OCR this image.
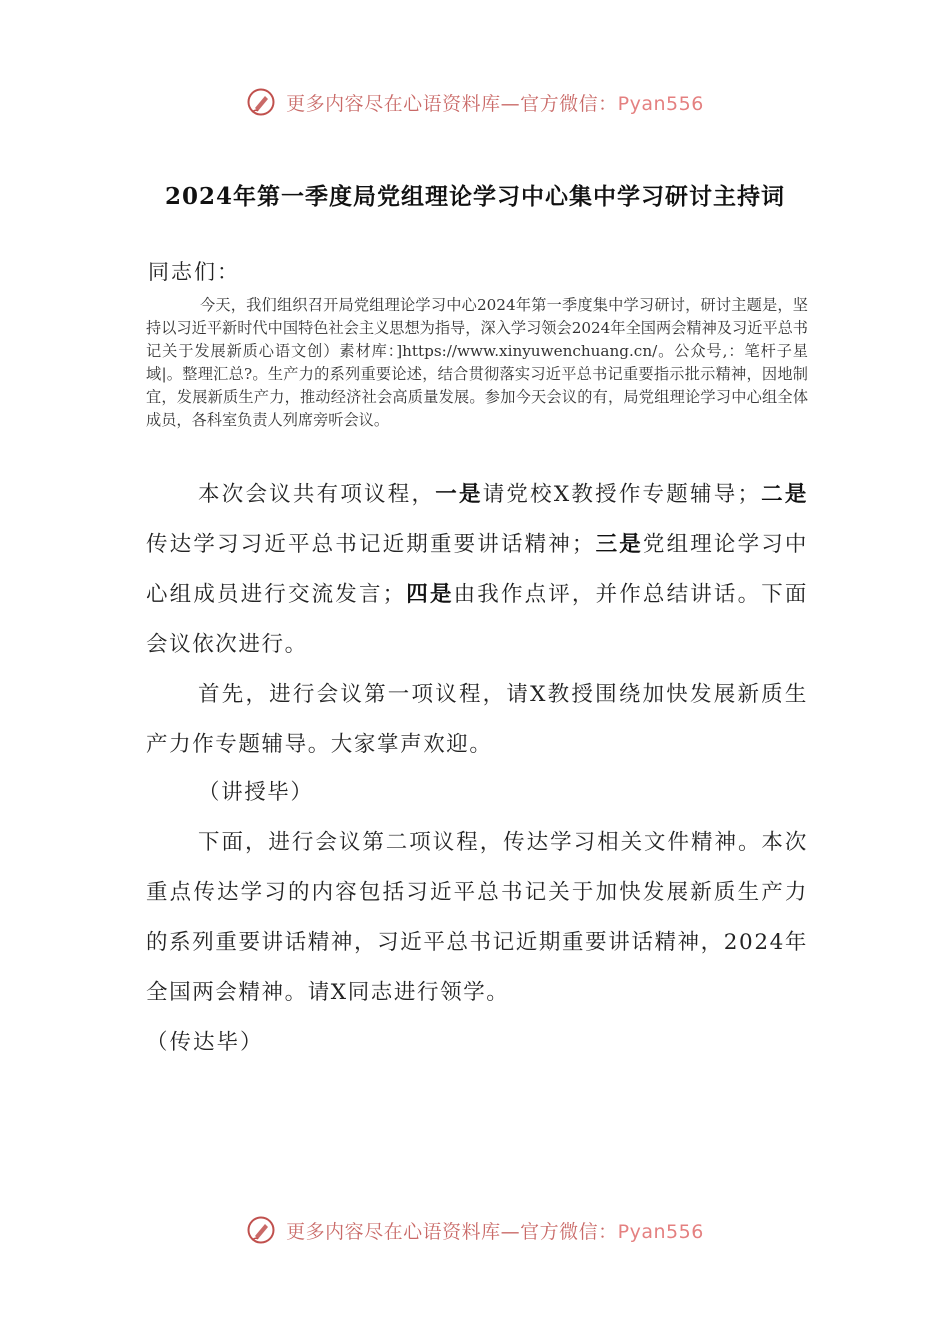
更多内容尽在心语资料库—官方微信：Pyan556
2024年第一季度局党组理论学习中心集中学习研讨主持词
同志们：
今天，我们组织召开局党组理论学习中心2024年第一季度集中学习研讨，研讨主题是，坚持以习近平新时代中国特色社会主义思想为指导，深入学习领会2024年全国两会精神及习近平总书记关于发展新质心语文创）素材库：]https://www.xinyuwenchuang.cn/。公众号,：笔杆子星域|。整理汇总?。生产力的系列重要论述，结合贯彻落实习近平总书记重要指示批示精神，因地制宜，发展新质生产力，推动经济社会高质量发展。参加今天会议的有，局党组理论学习中心组全体成员，各科室负责人列席旁听会议。
本次会议共有项议程，一是请党校X教授作专题辅导；二是传达学习习近平总书记近期重要讲话精神；三是党组理论学习中心组成员进行交流发言；四是由我作点评，并作总结讲话。下面会议依次进行。
首先，进行会议第一项议程，请X教授围绕加快发展新质生产力作专题辅导。大家掌声欢迎。
（讲授毕）
下面，进行会议第二项议程，传达学习相关文件精神。本次重点传达学习的内容包括习近平总书记关于加快发展新质生产力的系列重要讲话精神，习近平总书记近期重要讲话精神，2024年全国两会精神。请X同志进行领学。
（传达毕）
更多内容尽在心语资料库—官方微信：Pyan556
